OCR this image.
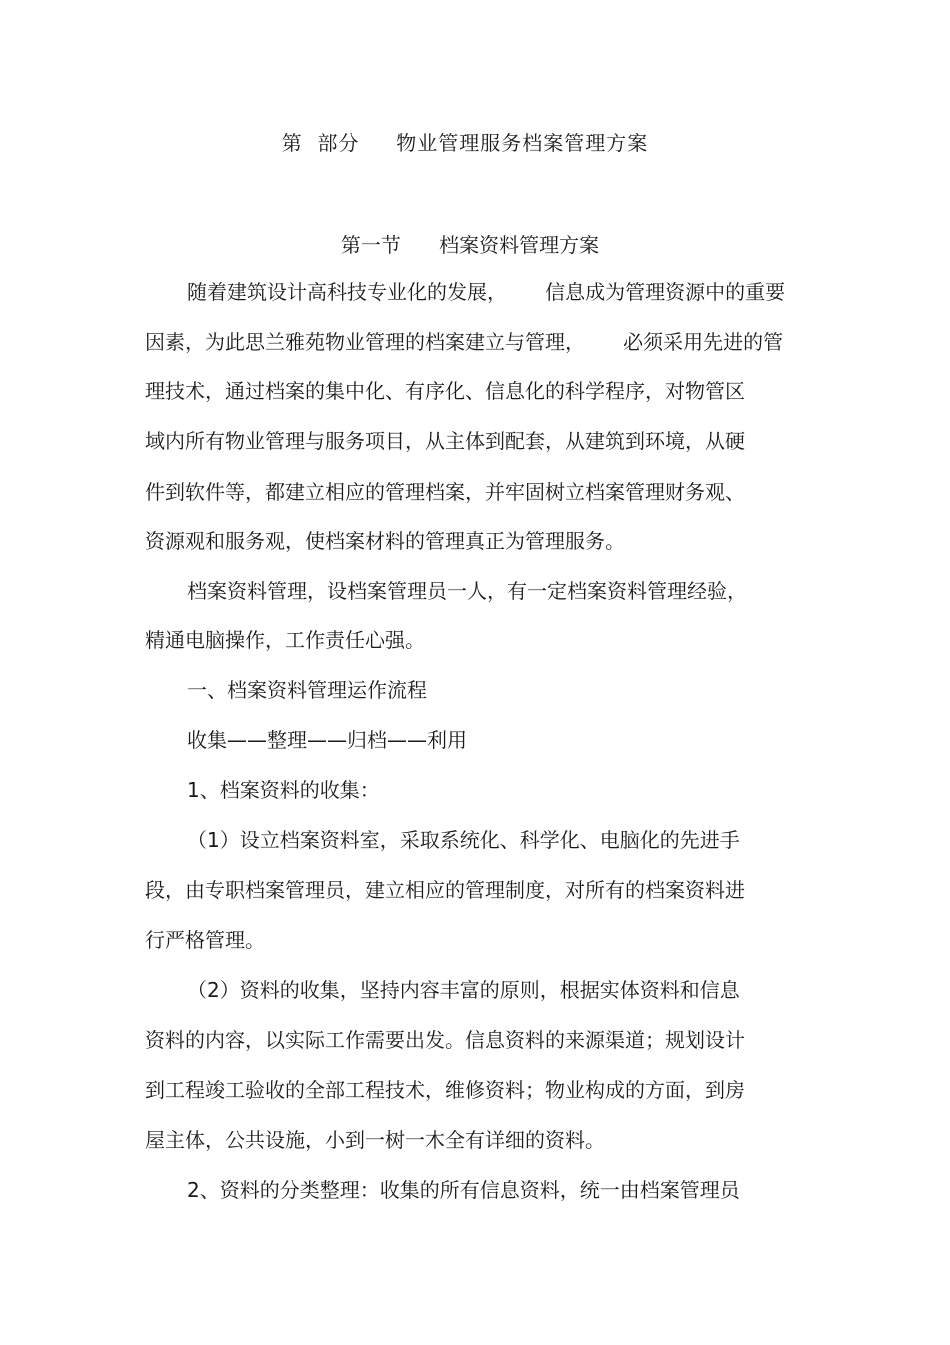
第  部分     物业管理服务档案管理方案
第一节      档案资料管理方案
随着建筑设计高科技专业化的发展，      信息成为管理资源中的重要
因素，为此思兰雅苑物业管理的档案建立与管理，      必须采用先进的管
理技术，通过档案的集中化、有序化、信息化的科学程序，对物管区
域内所有物业管理与服务项目，从主体到配套，从建筑到环境，从硬
件到软件等，都建立相应的管理档案，并牢固树立档案管理财务观、
资源观和服务观，使档案材料的管理真正为管理服务。
档案资料管理，设档案管理员一人，有一定档案资料管理经验，
精通电脑操作，工作责任心强。
一、档案资料管理运作流程
收集——整理——归档——利用
1、档案资料的收集：
（1）设立档案资料室，采取系统化、科学化、电脑化的先进手
段，由专职档案管理员，建立相应的管理制度，对所有的档案资料进
行严格管理。
（2）资料的收集，坚持内容丰富的原则，根据实体资料和信息
资料的内容，以实际工作需要出发。信息资料的来源渠道；规划设计
到工程竣工验收的全部工程技术，维修资料；物业构成的方面，到房
屋主体，公共设施，小到一树一木全有详细的资料。
2、资料的分类整理：收集的所有信息资料，统一由档案管理员
